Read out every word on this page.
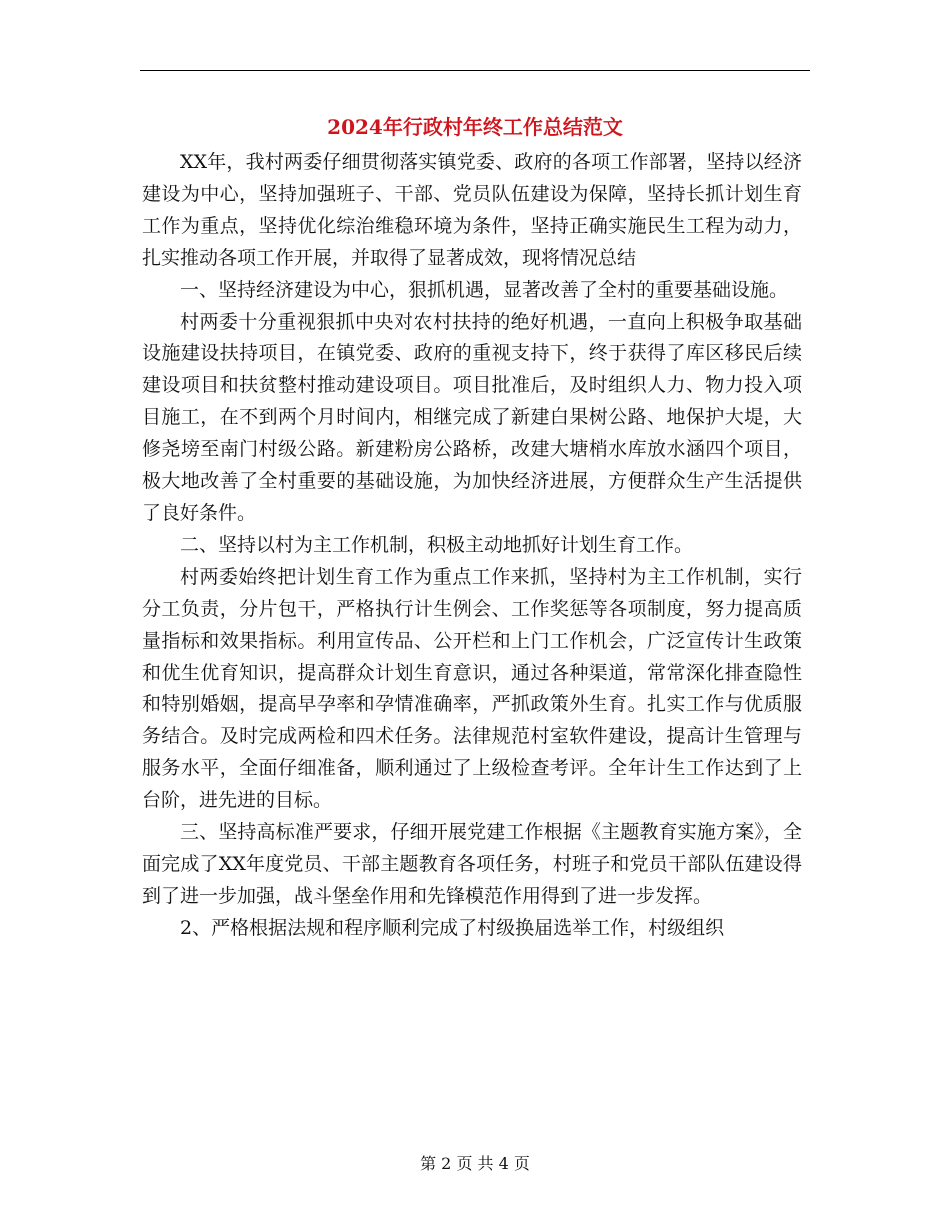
2024年行政村年终工作总结范文

XX年，我村两委仔细贯彻落实镇党委、政府的各项工作部署，坚持以经济建设为中心，坚持加强班子、干部、党员队伍建设为保障，坚持长抓计划生育工作为重点，坚持优化综治维稳环境为条件，坚持正确实施民生工程为动力，扎实推动各项工作开展，并取得了显著成效，现将情况总结

一、坚持经济建设为中心，狠抓机遇，显著改善了全村的重要基础设施。

村两委十分重视狠抓中央对农村扶持的绝好机遇，一直向上积极争取基础设施建设扶持项目，在镇党委、政府的重视支持下，终于获得了库区移民后续建设项目和扶贫整村推动建设项目。项目批准后，及时组织人力、物力投入项目施工，在不到两个月时间内，相继完成了新建白果树公路、地保护大堤，大修尧塝至南门村级公路。新建粉房公路桥，改建大塘梢水库放水涵四个项目，极大地改善了全村重要的基础设施，为加快经济进展，方便群众生产生活提供了良好条件。

二、坚持以村为主工作机制，积极主动地抓好计划生育工作。

村两委始终把计划生育工作为重点工作来抓，坚持村为主工作机制，实行分工负责，分片包干，严格执行计生例会、工作奖惩等各项制度，努力提高质量指标和效果指标。利用宣传品、公开栏和上门工作机会，广泛宣传计生政策和优生优育知识，提高群众计划生育意识，通过各种渠道，常常深化排查隐性和特别婚姻，提高早孕率和孕情准确率，严抓政策外生育。扎实工作与优质服务结合。及时完成两检和四术任务。法律规范村室软件建设，提高计生管理与服务水平，全面仔细准备，顺利通过了上级检查考评。全年计生工作达到了上台阶，进先进的目标。

三、坚持高标准严要求，仔细开展党建工作根据《主题教育实施方案》，全面完成了XX年度党员、干部主题教育各项任务，村班子和党员干部队伍建设得到了进一步加强，战斗堡垒作用和先锋模范作用得到了进一步发挥。

2、严格根据法规和程序顺利完成了村级换届选举工作，村级组织

第 2 页 共 4 页
